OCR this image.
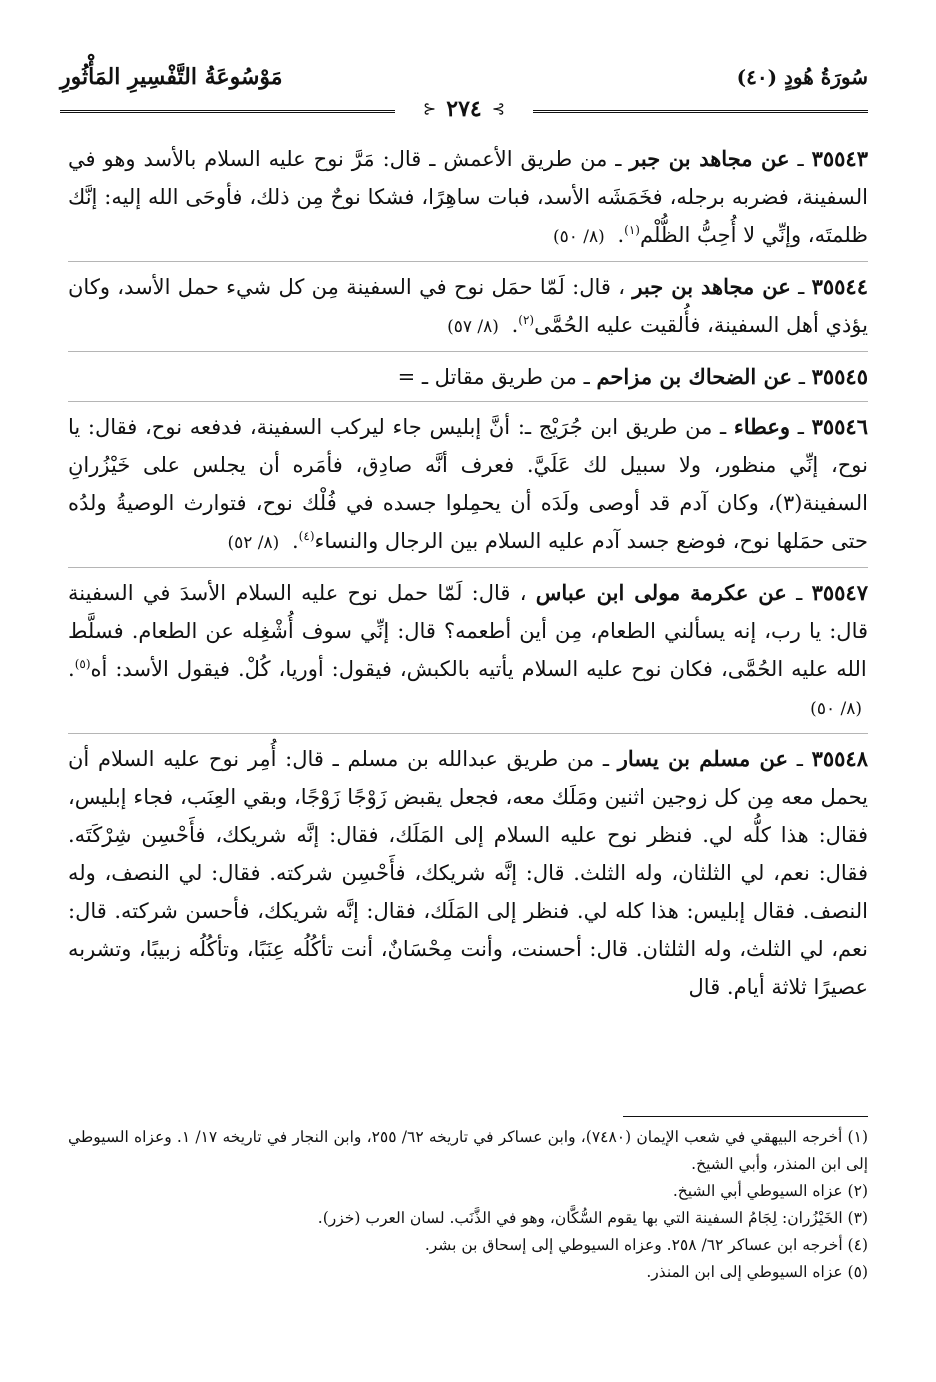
سُورَةُ هُودٍ (٤٠)
مَوْسُوعَةُ التَّفْسِيرِ المَأْثُورِ
⊱
٢٧٤
⊰
٣٥٥٤٣ ـ عن مجاهد بن جبر ـ من طريق الأعمش ـ قال: مَرَّ نوح عليه السلام بالأسد وهو في السفينة، فضربه برجله، فخَمَشَه الأسد، فبات ساهِرًا، فشكا نوحٌ مِن ذلك، فأوحَى الله إليه: إنَّك ظلمتَه، وإنِّي لا أُحِبُّ الظُّلْم$^{(١)}$. (٨/ ٥٠)
٣٥٥٤٤ ـ عن مجاهد بن جبر ، قال: لَمّا حمَل نوح في السفينة مِن كل شيء حمل الأسد، وكان يؤذي أهل السفينة، فأُلقيت عليه الحُمَّى$^{(٢)}$. (٨/ ٥٧)
٣٥٥٤٥ ـ عن الضحاك بن مزاحم ـ من طريق مقاتل ـ =
٣٥٥٤٦ ـ وعطاء ـ من طريق ابن جُرَيْج ـ: أنَّ إبليس جاء ليركب السفينة، فدفعه نوح، فقال: يا نوح، إنِّي منظور، ولا سبيل لك عَلَيَّ. فعرف أنَّه صادِق، فأمَره أن يجلس على خَيْزُرانِ السفينة(٣)، وكان آدم قد أوصى ولَدَه أن يحمِلوا جسده في فُلْك نوح، فتوارث الوصيةُ ولدُه حتى حمَلها نوح، فوضع جسد آدم عليه السلام بين الرجال والنساء$^{(٤)}$. (٨/ ٥٢)
٣٥٥٤٧ ـ عن عكرمة مولى ابن عباس ، قال: لَمّا حمل نوح عليه السلام الأسدَ في السفينة قال: يا رب، إنه يسألني الطعام، مِن أين أطعمه؟ قال: إنِّي سوف أُشْغِله عن الطعام. فسلَّط الله عليه الحُمَّى، فكان نوح عليه السلام يأتيه بالكبش، فيقول: أوريا، كُلْ. فيقول الأسد: أه$^{(٥)}$. (٨/ ٥٠)
٣٥٥٤٨ ـ عن مسلم بن يسار ـ من طريق عبدالله بن مسلم ـ قال: أُمِر نوح عليه السلام أن يحمل معه مِن كل زوجين اثنين ومَلَك معه، فجعل يقبض زَوْجًا زَوْجًا، وبقي العِنَب، فجاء إبليس، فقال: هذا كلُّه لي. فنظر نوح عليه السلام إلى المَلَك، فقال: إنَّه شريكك، فأَحْسِن شِرْكَتَه. فقال: نعم، لي الثلثان، وله الثلث. قال: إنَّه شريكك، فأَحْسِن شركته. فقال: لي النصف، وله النصف. فقال إبليس: هذا كله لي. فنظر إلى المَلَك، فقال: إنَّه شريكك، فأحسن شركته. قال: نعم، لي الثلث، وله الثلثان. قال: أحسنت، وأنت مِحْسَانٌ، أنت تأكُلُه عِنَبًا، وتأكُلُه زبيبًا، وتشربه عصيرًا ثلاثة أيام. قال
(١) أخرجه البيهقي في شعب الإيمان (٧٤٨٠)، وابن عساكر في تاريخه ٦٢/ ٢٥٥، وابن النجار في تاريخه ١٧/ ١. وعزاه السيوطي إلى ابن المنذر، وأبي الشيخ.
(٢) عزاه السيوطي أبي الشيخ.
(٣) الخَيْزُران: لِجَامُ السفينة التي بها يقوم السُّكَّان، وهو في الذَّنَب. لسان العرب (خزر).
(٤) أخرجه ابن عساكر ٦٢/ ٢٥٨. وعزاه السيوطي إلى إسحاق بن بشر.
(٥) عزاه السيوطي إلى ابن المنذر.
